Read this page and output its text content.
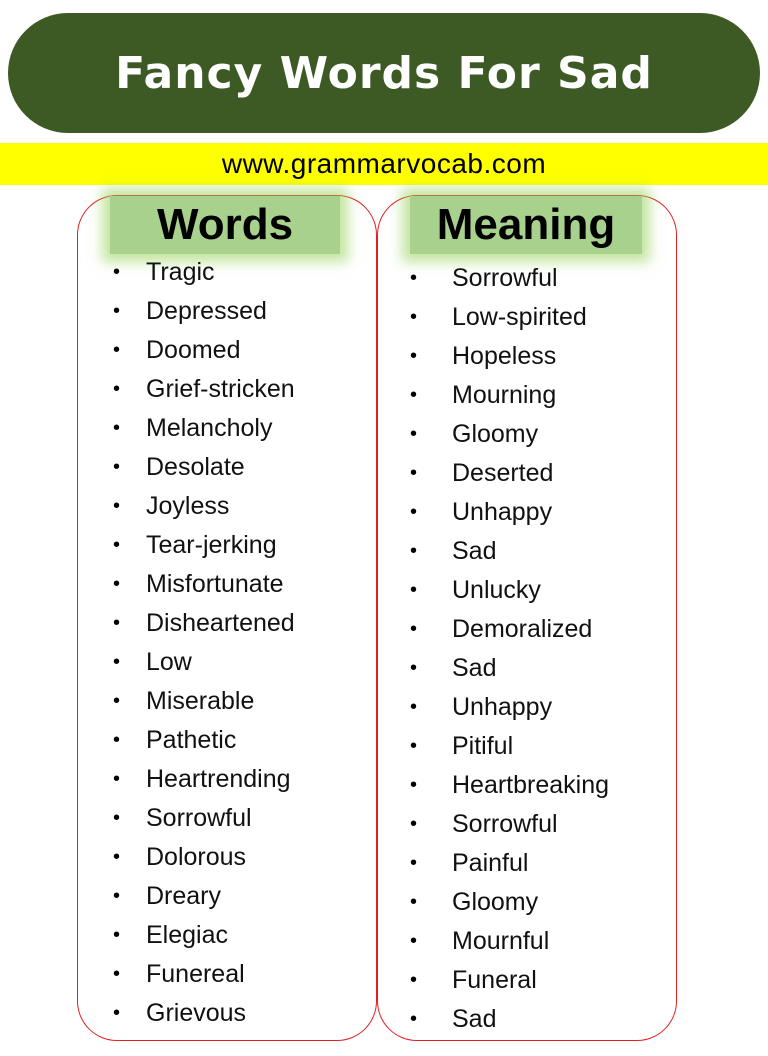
Fancy Words For Sad
www.grammarvocab.com
Words	Meaning
• Tragic
• Depressed
• Doomed
• Grief-stricken
• Melancholy
• Desolate
• Joyless
• Tear-jerking
• Misfortunate
• Disheartened
• Low
• Miserable
• Pathetic
• Heartrending
• Sorrowful
• Dolorous
• Dreary
• Elegiac
• Funereal
• Grievous
• Sorrowful
• Low-spirited
• Hopeless
• Mourning
• Gloomy
• Deserted
• Unhappy
• Sad
• Unlucky
• Demoralized
• Sad
• Unhappy
• Pitiful
• Heartbreaking
• Sorrowful
• Painful
• Gloomy
• Mournful
• Funeral
• Sad
